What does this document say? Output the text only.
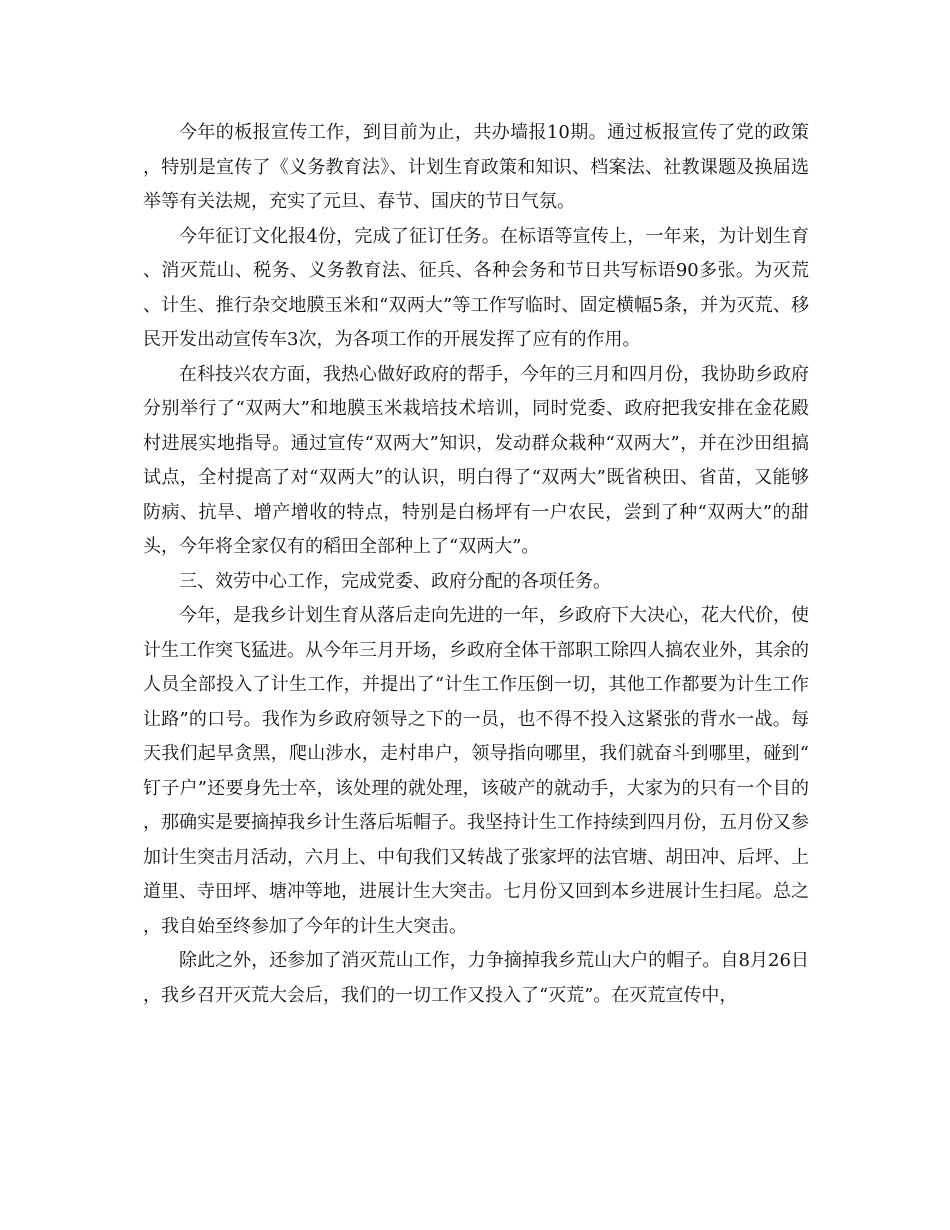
今年的板报宣传工作，到目前为止，共办墙报10期。通过板报宣传了党的政策，特别是宣传了《义务教育法》、计划生育政策和知识、档案法、社教课题及换届选举等有关法规，充实了元旦、春节、国庆的节日气氛。

今年征订文化报4份，完成了征订任务。在标语等宣传上，一年来，为计划生育、消灭荒山、税务、义务教育法、征兵、各种会务和节日共写标语90多张。为灭荒、计生、推行杂交地膜玉米和“双两大”等工作写临时、固定横幅5条，并为灭荒、移民开发出动宣传车3次，为各项工作的开展发挥了应有的作用。

在科技兴农方面，我热心做好政府的帮手，今年的三月和四月份，我协助乡政府分别举行了“双两大”和地膜玉米栽培技术培训，同时党委、政府把我安排在金花殿村进展实地指导。通过宣传“双两大”知识，发动群众栽种“双两大”，并在沙田组搞试点，全村提高了对“双两大”的认识，明白得了“双两大”既省秧田、省苗，又能够防病、抗旱、增产增收的特点，特别是白杨坪有一户农民，尝到了种“双两大”的甜头，今年将全家仅有的稻田全部种上了“双两大”。

三、效劳中心工作，完成党委、政府分配的各项任务。

今年，是我乡计划生育从落后走向先进的一年，乡政府下大决心，花大代价，使计生工作突飞猛进。从今年三月开场，乡政府全体干部职工除四人搞农业外，其余的人员全部投入了计生工作，并提出了“计生工作压倒一切，其他工作都要为计生工作让路”的口号。我作为乡政府领导之下的一员，也不得不投入这紧张的背水一战。每天我们起早贪黑，爬山涉水，走村串户，领导指向哪里，我们就奋斗到哪里，碰到“钉子户”还要身先士卒，该处理的就处理，该破产的就动手，大家为的只有一个目的，那确实是要摘掉我乡计生落后垢帽子。我坚持计生工作持续到四月份，五月份又参加计生突击月活动，六月上、中旬我们又转战了张家坪的法官塘、胡田冲、后坪、上道里、寺田坪、塘冲等地，进展计生大突击。七月份又回到本乡进展计生扫尾。总之，我自始至终参加了今年的计生大突击。

除此之外，还参加了消灭荒山工作，力争摘掉我乡荒山大户的帽子。自8月26日，我乡召开灭荒大会后，我们的一切工作又投入了“灭荒”。在灭荒宣传中，
